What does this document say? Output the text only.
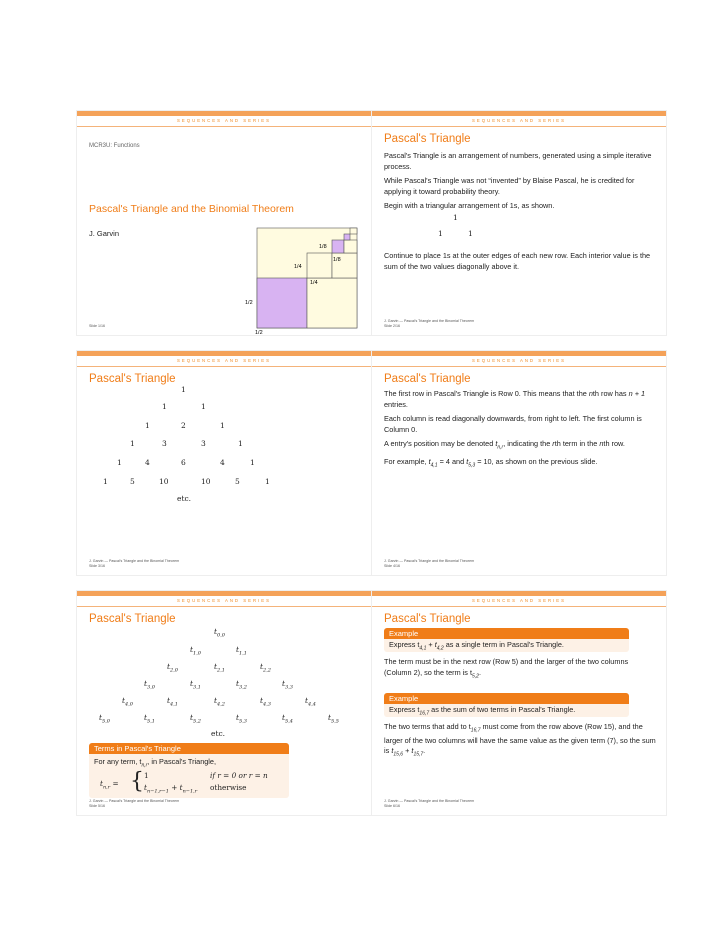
SEQUENCES AND SERIES
MCR3U: Functions
Pascal's Triangle and the Binomial Theorem
J. Garvin
1/2
1/2
1/4
1/4
1/8
1/8
Slide 1/16
SEQUENCES AND SERIES
Pascal's Triangle

Pascal's Triangle is an arrangement of numbers, generated using a simple iterative process.

While Pascal's Triangle was not “invented” by Blaise Pascal, he is credited for applying it toward probability theory.

Begin with a triangular arrangement of 1s, as shown.

1
1	1

Continue to place 1s at the outer edges of each new row. Each interior value is the sum of the two values diagonally above it.

J. Garvin — Pascal's Triangle and the Binomial Theorem
Slide 2/16
SEQUENCES AND SERIES
Pascal's Triangle
1
1	1
1	2	1
1	3	3	1
1	4	6	4	1
1	5	10	10	5	1
etc.
J. Garvin — Pascal's Triangle and the Binomial Theorem
Slide 3/16
SEQUENCES AND SERIES
Pascal's Triangle

The first row in Pascal's Triangle is Row 0. This means that the nth row has n + 1 entries.

Each column is read diagonally downwards, from right to left. The first column is Column 0.

A entry's position may be denoted $t_{n,r}$, indicating the rth term in the nth row.

For example, $t_{4,1} = 4$ and $t_{5,3} = 10$, as shown on the previous slide.

J. Garvin — Pascal's Triangle and the Binomial Theorem
Slide 4/16
SEQUENCES AND SERIES
Pascal's Triangle
$t_{0,0}$
$t_{1,0}$	$t_{1,1}$
$t_{2,0}$	$t_{2,1}$	$t_{2,2}$
$t_{3,0}$	$t_{3,1}$	$t_{3,2}$	$t_{3,3}$
$t_{4,0}$	$t_{4,1}$	$t_{4,2}$	$t_{4,3}$	$t_{4,4}$
$t_{5,0}$	$t_{5,1}$	$t_{5,2}$	$t_{5,3}$	$t_{5,4}$	$t_{5,5}$
etc.
Terms in Pascal's Triangle
For any term, $t_{n,r}$, in Pascal's Triangle,
$t_{n,r}$ = { 1	if r = 0 or r = n
$t_{n-1,r-1} + t_{n-1,r}$ otherwise
J. Garvin — Pascal's Triangle and the Binomial Theorem
Slide 5/16
SEQUENCES AND SERIES
Pascal's Triangle
Example
Express $t_{4,1} + t_{4,2}$ as a single term in Pascal's Triangle.

The term must be in the next row (Row 5) and the larger of the two columns (Column 2), so the term is $t_{5,2}$.

Example
Express $t_{16,7}$ as the sum of two terms in Pascal's Triangle.

The two terms that add to $t_{16,7}$ must come from the row above (Row 15), and the larger of the two columns will have the same value as the given term (7), so the sum is $t_{15,6} + t_{15,7}$.

J. Garvin — Pascal's Triangle and the Binomial Theorem
Slide 6/16
